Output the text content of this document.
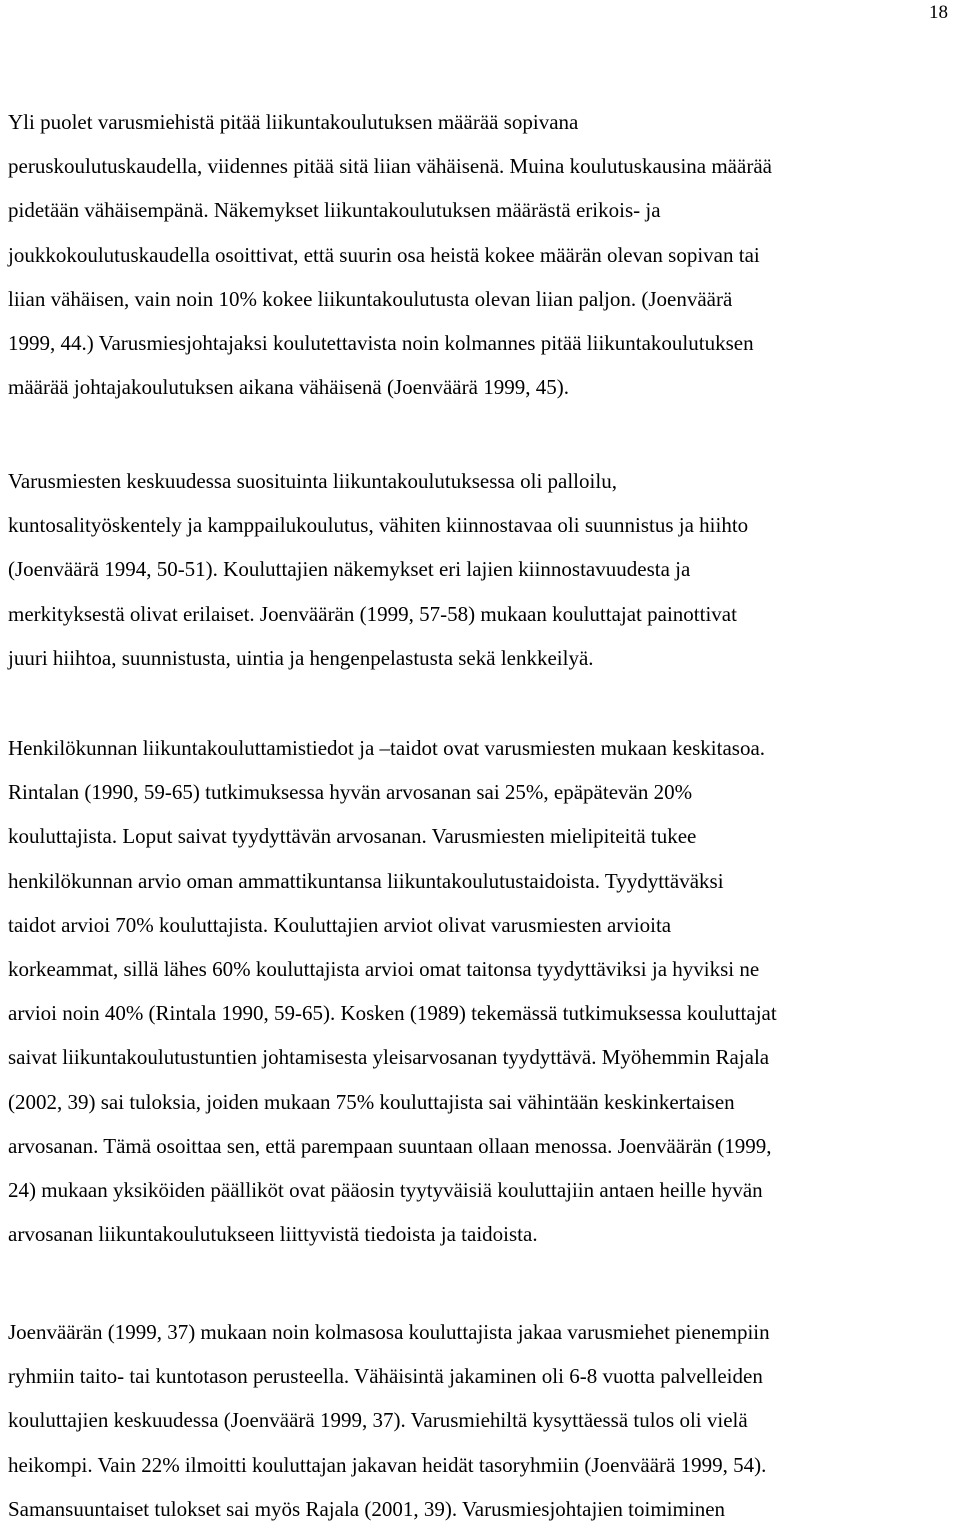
18
Yli puolet varusmiehistä pitää liikuntakoulutuksen määrää sopivana
peruskoulutuskaudella, viidennes pitää sitä liian vähäisenä. Muina koulutuskausina määrää
pidetään vähäisempänä. Näkemykset liikuntakoulutuksen määrästä erikois- ja
joukkokoulutuskaudella osoittivat, että suurin osa heistä kokee määrän olevan sopivan tai
liian vähäisen, vain noin 10% kokee liikuntakoulutusta olevan liian paljon. (Joenväärä
1999, 44.) Varusmiesjohtajaksi koulutettavista noin kolmannes pitää liikuntakoulutuksen
määrää johtajakoulutuksen aikana vähäisenä (Joenväärä 1999, 45).
Varusmiesten keskuudessa suosituinta liikuntakoulutuksessa oli palloilu,
kuntosalityöskentely ja kamppailukoulutus, vähiten kiinnostavaa oli suunnistus ja hiihto
(Joenväärä 1994, 50-51). Kouluttajien näkemykset eri lajien kiinnostavuudesta ja
merkityksestä olivat erilaiset. Joenväärän (1999, 57-58) mukaan kouluttajat painottivat
juuri hiihtoa, suunnistusta, uintia ja hengenpelastusta sekä lenkkeilyä.
Henkilökunnan liikuntakouluttamistiedot ja –taidot ovat varusmiesten mukaan keskitasoa.
Rintalan (1990, 59-65) tutkimuksessa hyvän arvosanan sai 25%, epäpätevän 20%
kouluttajista. Loput saivat tyydyttävän arvosanan. Varusmiesten mielipiteitä tukee
henkilökunnan arvio oman ammattikuntansa liikuntakoulutustaidoista. Tyydyttäväksi
taidot arvioi 70% kouluttajista. Kouluttajien arviot olivat varusmiesten arvioita
korkeammat, sillä lähes 60% kouluttajista arvioi omat taitonsa tyydyttäviksi ja hyviksi ne
arvioi noin 40% (Rintala 1990, 59-65). Kosken (1989) tekemässä tutkimuksessa kouluttajat
saivat liikuntakoulutustuntien johtamisesta yleisarvosanan tyydyttävä. Myöhemmin Rajala
(2002, 39) sai tuloksia, joiden mukaan 75% kouluttajista sai vähintään keskinkertaisen
arvosanan. Tämä osoittaa sen, että parempaan suuntaan ollaan menossa. Joenväärän (1999,
24) mukaan yksiköiden päälliköt ovat pääosin tyytyväisiä kouluttajiin antaen heille hyvän
arvosanan liikuntakoulutukseen liittyvistä tiedoista ja taidoista.
Joenväärän (1999, 37) mukaan noin kolmasosa kouluttajista jakaa varusmiehet pienempiin
ryhmiin taito- tai kuntotason perusteella. Vähäisintä jakaminen oli 6-8 vuotta palvelleiden
kouluttajien keskuudessa (Joenväärä 1999, 37). Varusmiehiltä kysyttäessä tulos oli vielä
heikompi. Vain 22% ilmoitti kouluttajan jakavan heidät tasoryhmiin (Joenväärä 1999, 54).
Samansuuntaiset tulokset sai myös Rajala (2001, 39). Varusmiesjohtajien toimiminen
